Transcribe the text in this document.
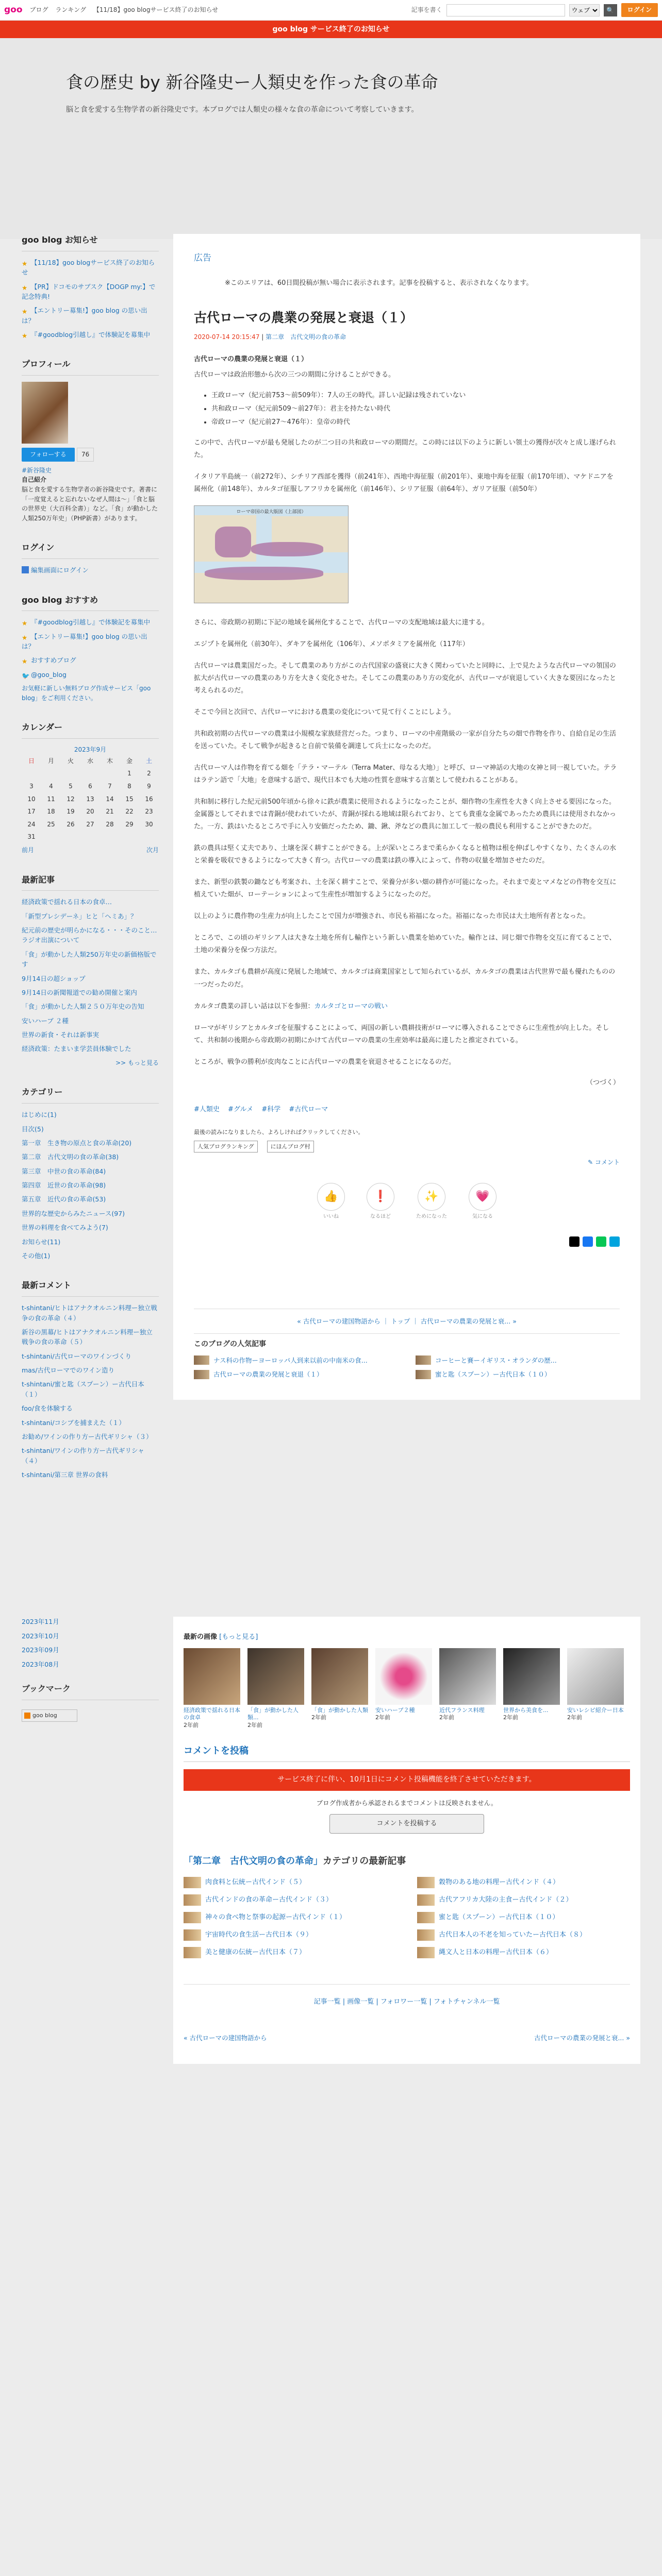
goo ブログ ランキング 【11/18】goo blogサービス終了のお知らせ	記事を書く
ウェブ	🔍	ログイン
goo blog サービス終了のお知らせ
食の歴史 by 新谷隆史ー人類史を作った食の革命

脳と食を愛する生物学者の新谷隆史です。本ブログでは人類史の様々な食の革命について考察していきます。

goo blog お知らせ
★ 【11/18】goo blogサービス終了のお知らせ
★ 【PR】ドコモのサブスク【DOGP my:】で 記念特典!
★ 【エントリー募集!】goo blog の思い出は？
★ 『#goodblog引越し』で体験記を募集中
プロフィール
フォローする 76

#新谷隆史

自己紹介

脳と食を愛する生物学者の新谷隆史です。著書に「一度覚えると忘れないなぜ人間は～」「食と脳の世界史（大百科全書）」など。「食」が動かした人類250万年史」（PHP新書）があります。

ログイン
編集画面にログイン
goo blog おすすめ
★ 『#goodblog引越し』で体験記を募集中
★ 【エントリー募集!】goo blog の思い出は？
★ おすすめブログ
🐦 @goo_blog

お気軽に新しい無料ブログ作成サービス「goo blog」をご利用ください。

カレンダー

2023年9月

日	月	火	水	木	金	土
					1	2
3	4	5	6	7	8	9
10	11	12	13	14	15	16
17	18	19	20	21	22	23
24	25	26	27	28	29	30
31						
前月	次月
最新記事
経済政策で揺れる日本の食卓…
「新型プレシデーネ」ヒと「ヘミあ」？
紀元前の歴史が明らかになる・・・そのこと…ラジオ出演について
「食」が動かした人類250万年史の新価格版です
9月14日の超ショップ
9月14日の新聞報道での勧め開催と案内
「食」が動かした人類２５０万年史の告知
安いハーブ ２種
世界の新食・それは新事実
経済政策：たまいま学芸員体験でした
>> もっと見る
カテゴリー
はじめに(1)
目次(5)
第一章　生き物の原点と食の革命(20)
第二章　古代文明の食の革命(38)
第三章　中世の食の革命(84)
第四章　近世の食の革命(98)
第五章　近代の食の革命(53)
世界的な歴史からみたニュース(97)
世界の料理を食べてみよう(7)
お知らせ(11)
その他(1)
最新コメント
t-shintani/ヒトはアナクオルニン料理ー独立戦争の食の革命（４）
新谷の黒幕/ヒトはアナクオルニン料理ー独立戦争の食の革命（５）
t-shintani/古代ローマのワインづくり
mas/古代ローマでのワイン造り
t-shintani/蜜と匙（スプーン）ー古代日本（１）
foo/食を体験する
t-shintani/コシブを捕まえた（１）
お勧め/ワインの作り方ー古代ギリシャ（３）
t-shintani/ワインの作り方ー古代ギリシャ（４）
t-shintani/第三章 世界の食料
広告

※このエリアは、60日間投稿が無い場合に表示されます。記事を投稿すると、表示されなくなります。

古代ローマの農業の発展と衰退（１）
2020-07-14 20:15:47 | 第二章　古代文明の食の革命

古代ローマの農業の発展と衰退（１）

古代ローマは政治形態から次の三つの期間に分けることができる。

• 王政ローマ（紀元前753〜前509年）：7人の王の時代。詳しい記録は残されていない
• 共和政ローマ（紀元前509〜前27年）：君主を持たない時代
• 帝政ローマ（紀元前27〜476年）：皇帝の時代

この中で、古代ローマが最も発展したのが二つ目の共和政ローマの期間だ。この時には以下のように新しい領土の獲得が次々と成し遂げられた。

イタリア半島統一（前272年）、シチリア西部を獲得（前241年）、西地中海征服（前201年）、東地中海を征服（前170年頃）、マケドニアを属州化（前148年）、カルタゴ征服しアフリカを属州化（前146年）、シリア征服（前64年）、ガリア征服（前50年）

ローマ帝国の最大版図（上部図）

さらに、帝政期の初期に下記の地域を属州化することで、古代ローマの支配地域は最大に達する。

エジプトを属州化（前30年）、ダキアを属州化（106年）、メソポタミアを属州化（117年）

古代ローマは農業国だった。そして農業のあり方がこの古代国家の盛衰に大きく関わっていたと同時に、上で見たような古代ローマの領国の拡大が古代ローマの農業のあり方を大きく変化させた。そしてこの農業のあり方の変化が、古代ローマが衰退していく大きな要因になったと考えられるのだ。

そこで今回と次回で、古代ローマにおける農業の変化について見て行くことにしよう。

共和政初期の古代ローマの農業は小規模な家族経営だった。つまり、ローマの中産階級の一家が自分たちの畑で作物を作り、自給自足の生活を送っていた。そして戦争が起きると自前で装備を調達して兵士になったのだ。

古代ローマ人は作物を育てる畑を「テラ・マーテル（Terra Mater、母なる大地）」と呼び、ローマ神話の大地の女神と同一視していた。テラはラテン語で「大地」を意味する語で、現代日本でも大地の性質を意味する言葉として使われることがある。

共和制に移行した紀元前500年頃から徐々に鉄が農業に使用されるようになったことが、畑作物の生産性を大きく向上させる要因になった。金属器としてそれまでは青銅が使われていたが、青銅が採れる地域は限られており、とても貴重な金属であったため農具には使用されなかった。一方、鉄はいたるところで手に入り安価だったため、鋤、鍬、斧などの農具に加工して一般の農民も利用することができたのだ。

鉄の農具は堅く丈夫であり、土壌を深く耕すことができる。上が深いところまで柔らかくなると植物は根を伸ばしやすくなり、たくさんの水と栄養を吸収できるようになって大きく育つ。古代ローマの農業は鉄の導入によって、作物の収量を増加させたのだ。

また、新型の鉄製の鋤なども考案され、土を深く耕すことで、栄養分が多い畑の耕作が可能になった。それまで麦とマメなどの作物を交互に植えていた畑が、ローテーションによって生産性が増加するようになったのだ。

以上のように農作物の生産力が向上したことで国力が増強され、市民も裕福になった。裕福になった市民は大土地所有者となった。

ところで、この頃のギリシア人は大きな土地を所有し輸作という新しい農業を始めていた。輸作とは、同じ畑で作物を交互に育てることで、土地の栄養分を保つ方法だ。

また、カルタゴも農耕が高度に発展した地域で、カルタゴは商業国家として知られているが、カルタゴの農業は古代世界で最も優れたものの一つだったのだ。

カルタゴ農業の詳しい話は以下を参照：カルタゴとローマの戦い

ローマがギリシアとカルタゴを征服することによって、両国の新しい農耕技術がローマに導入されることでさらに生産性が向上した。そして、共和制の後期から帝政期の初期にかけて古代ローマの農業の生産効率は最高に達したと推定されている。

ところが、戦争の勝利が皮肉なことに古代ローマの農業を衰退させることになるのだ。

（つづく）
#人類史 #グルメ #科学 #古代ローマ

最後の読みになりましたら、よろしければクリックしてください。

人気ブログランキング	にほんブログ村
✎ コメント
👍
いいね
❗
なるほど
✨
ためになった
💗
気になる
« 古代ローマの建国物語から ｜ トップ ｜ 古代ローマの農業の発展と衰... »
このブログの人気記事
ナス科の作物ーヨーロッパ人到来以前の中南米の食...	コーヒーと賽ーイギリス・オランダの歴...
古代ローマの農業の発展と衰退（１）	蜜と匙（スプーン）ー古代日本（１０）
2023年11月
2023年10月
2023年09月
2023年08月
ブックマーク
goo blog
最新の画像 [もっと見る]
経済政策で揺れる日本の食卓
2年前
「食」が動かした人類...
2年前
「食」が動かした人類
2年前
安いハーブ２種
2年前
近代フランス料理
2年前
世界から美食を...
2年前
安いレシピ紹介ー日本
2年前
コメントを投稿
サービス終了に伴い、10月1日にコメント投稿機能を終了させていただきます。

ブログ作成者から承認されるまでコメントは反映されません。

コメントを投稿する
「第二章　古代文明の食の革命」カテゴリの最新記事
肉食料と伝統ー古代インド（５）	穀物のある地の料理ー古代インド（４）
古代インドの食の革命ー古代インド（３）	古代アフリカ大陸の主食ー古代インド（２）
神々の食べ物と祭事の起源ー古代インド（１）	蜜と匙（スプーン）ー古代日本（１０）
宇宙時代の食生活ー古代日本（９）	古代日本人の不老を知っていたー古代日本（８）
美と健康の伝統ー古代日本（７）	縄文人と日本の料理ー古代日本（６）
記事一覧 | 画像一覧 | フォロワー一覧 | フォトチャンネル一覧
« 古代ローマの建国物語から	古代ローマの農業の発展と衰... »
